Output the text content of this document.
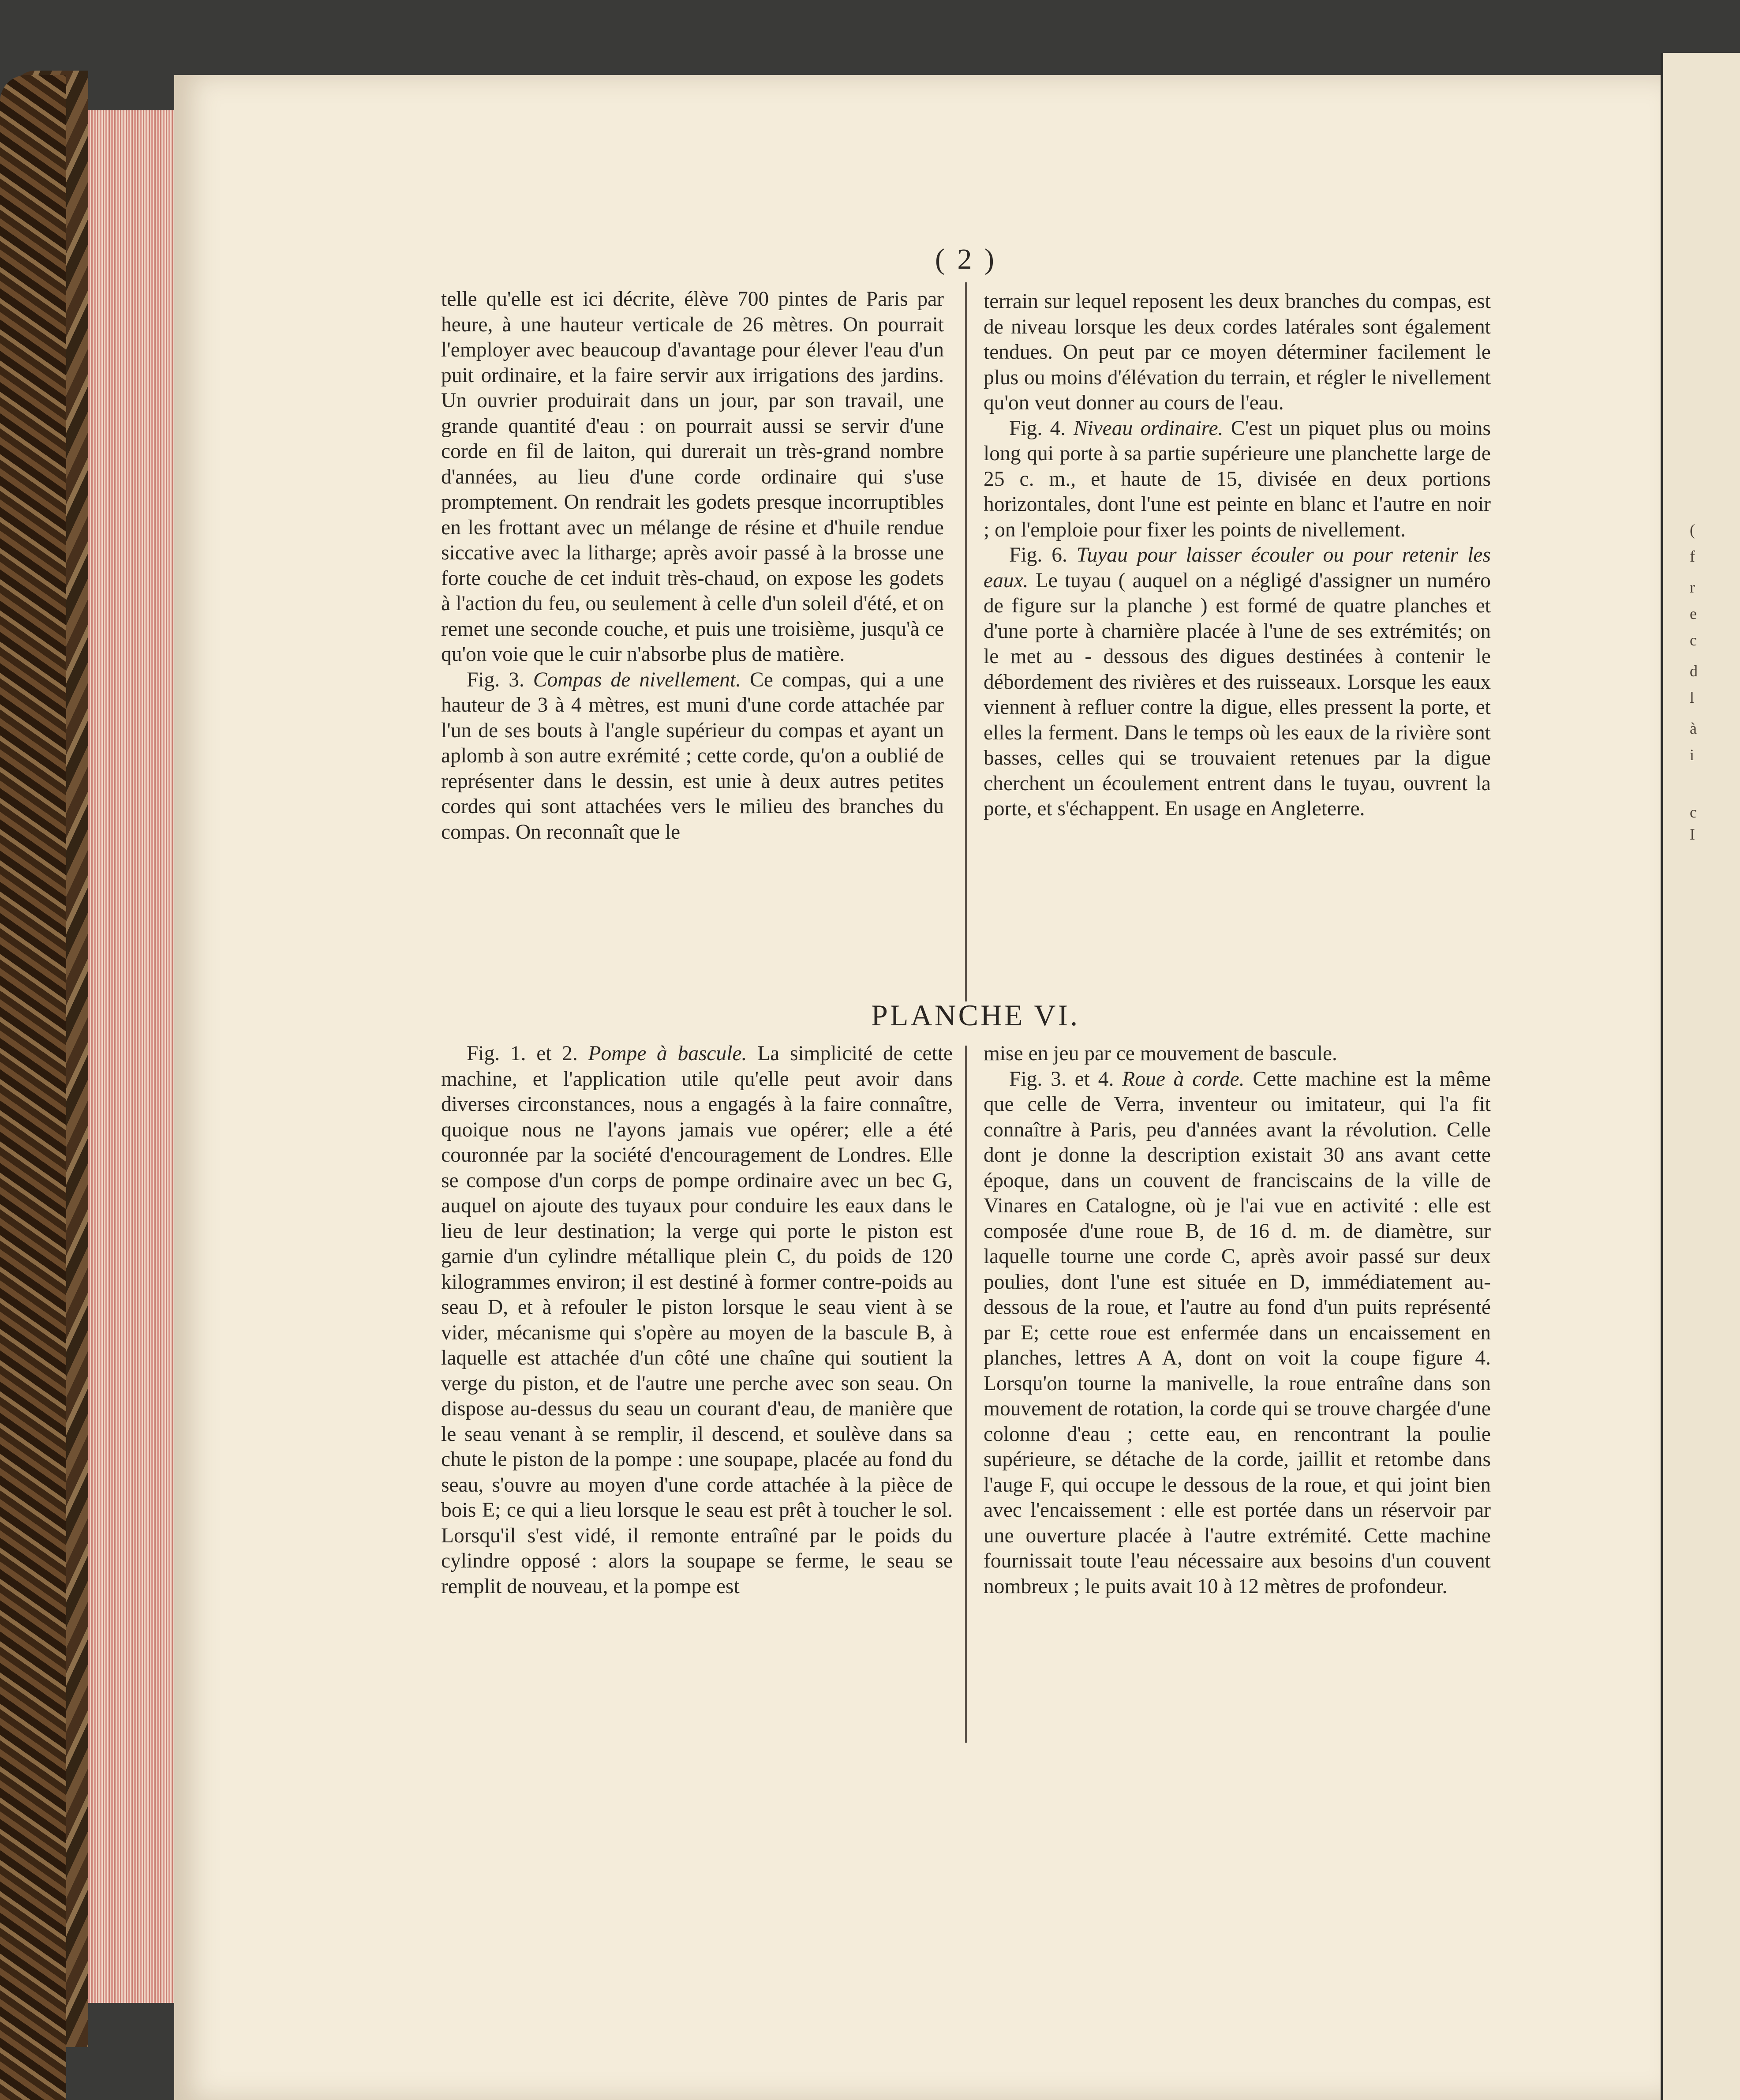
(
f
r
e
c
d
l
à
i
c
I
( 2 )

telle qu'elle est ici décrite, élève 700 pintes de Paris par heure, à une hauteur verticale de 26 mètres. On pourrait l'employer avec beaucoup d'avantage pour élever l'eau d'un puit ordinaire, et la faire servir aux irrigations des jardins. Un ouvrier produirait dans un jour, par son travail, une grande quantité d'eau : on pourrait aussi se servir d'une corde en fil de laiton, qui durerait un très-grand nombre d'années, au lieu d'une corde ordinaire qui s'use promptement. On rendrait les godets presque incorruptibles en les frottant avec un mélange de résine et d'huile rendue siccative avec la litharge; après avoir passé à la brosse une forte couche de cet induit très-chaud, on expose les godets à l'action du feu, ou seulement à celle d'un soleil d'été, et on remet une seconde couche, et puis une troisième, jusqu'à ce qu'on voie que le cuir n'absorbe plus de matière.

Fig. 3. Compas de nivellement. Ce compas, qui a une hauteur de 3 à 4 mètres, est muni d'une corde attachée par l'un de ses bouts à l'angle supérieur du compas et ayant un aplomb à son autre exrémité ; cette corde, qu'on a oublié de représenter dans le dessin, est unie à deux autres petites cordes qui sont attachées vers le milieu des branches du compas. On reconnaît que le

terrain sur lequel reposent les deux branches du compas, est de niveau lorsque les deux cordes latérales sont également tendues. On peut par ce moyen déterminer facilement le plus ou moins d'élévation du terrain, et régler le nivellement qu'on veut donner au cours de l'eau.

Fig. 4. Niveau ordinaire. C'est un piquet plus ou moins long qui porte à sa partie supérieure une planchette large de 25 c. m., et haute de 15, divisée en deux portions horizontales, dont l'une est peinte en blanc et l'autre en noir ; on l'emploie pour fixer les points de nivellement.

Fig. 6. Tuyau pour laisser écouler ou pour retenir les eaux. Le tuyau ( auquel on a négligé d'assigner un numéro de figure sur la planche ) est formé de quatre planches et d'une porte à charnière placée à l'une de ses extrémités; on le met au - dessous des digues destinées à contenir le débordement des rivières et des ruisseaux. Lorsque les eaux viennent à refluer contre la digue, elles pressent la porte, et elles la ferment. Dans le temps où les eaux de la rivière sont basses, celles qui se trouvaient retenues par la digue cherchent un écoulement entrent dans le tuyau, ouvrent la porte, et s'échappent. En usage en Angleterre.

PLANCHE VI.

Fig. 1. et 2. Pompe à bascule. La simplicité de cette machine, et l'application utile qu'elle peut avoir dans diverses circonstances, nous a engagés à la faire connaître, quoique nous ne l'ayons jamais vue opérer; elle a été couronnée par la société d'encouragement de Londres. Elle se compose d'un corps de pompe ordinaire avec un bec G, auquel on ajoute des tuyaux pour conduire les eaux dans le lieu de leur destination; la verge qui porte le piston est garnie d'un cylindre métallique plein C, du poids de 120 kilogrammes environ; il est destiné à former contre-poids au seau D, et à refouler le piston lorsque le seau vient à se vider, mécanisme qui s'opère au moyen de la bascule B, à laquelle est attachée d'un côté une chaîne qui soutient la verge du piston, et de l'autre une perche avec son seau. On dispose au-dessus du seau un courant d'eau, de manière que le seau venant à se remplir, il descend, et soulève dans sa chute le piston de la pompe : une soupape, placée au fond du seau, s'ouvre au moyen d'une corde attachée à la pièce de bois E; ce qui a lieu lorsque le seau est prêt à toucher le sol. Lorsqu'il s'est vidé, il remonte entraîné par le poids du cylindre opposé : alors la soupape se ferme, le seau se remplit de nouveau, et la pompe est

mise en jeu par ce mouvement de bascule.

Fig. 3. et 4. Roue à corde. Cette machine est la même que celle de Verra, inventeur ou imitateur, qui l'a fit connaître à Paris, peu d'années avant la révolution. Celle dont je donne la description existait 30 ans avant cette époque, dans un couvent de franciscains de la ville de Vinares en Catalogne, où je l'ai vue en activité : elle est composée d'une roue B, de 16 d. m. de diamètre, sur laquelle tourne une corde C, après avoir passé sur deux poulies, dont l'une est située en D, immédiatement au-dessous de la roue, et l'autre au fond d'un puits représenté par E; cette roue est enfermée dans un encaissement en planches, lettres A A, dont on voit la coupe figure 4. Lorsqu'on tourne la manivelle, la roue entraîne dans son mouvement de rotation, la corde qui se trouve chargée d'une colonne d'eau ; cette eau, en rencontrant la poulie supérieure, se détache de la corde, jaillit et retombe dans l'auge F, qui occupe le dessous de la roue, et qui joint bien avec l'encaissement : elle est portée dans un réservoir par une ouverture placée à l'autre extrémité. Cette machine fournissait toute l'eau nécessaire aux besoins d'un couvent nombreux ; le puits avait 10 à 12 mètres de profondeur.
